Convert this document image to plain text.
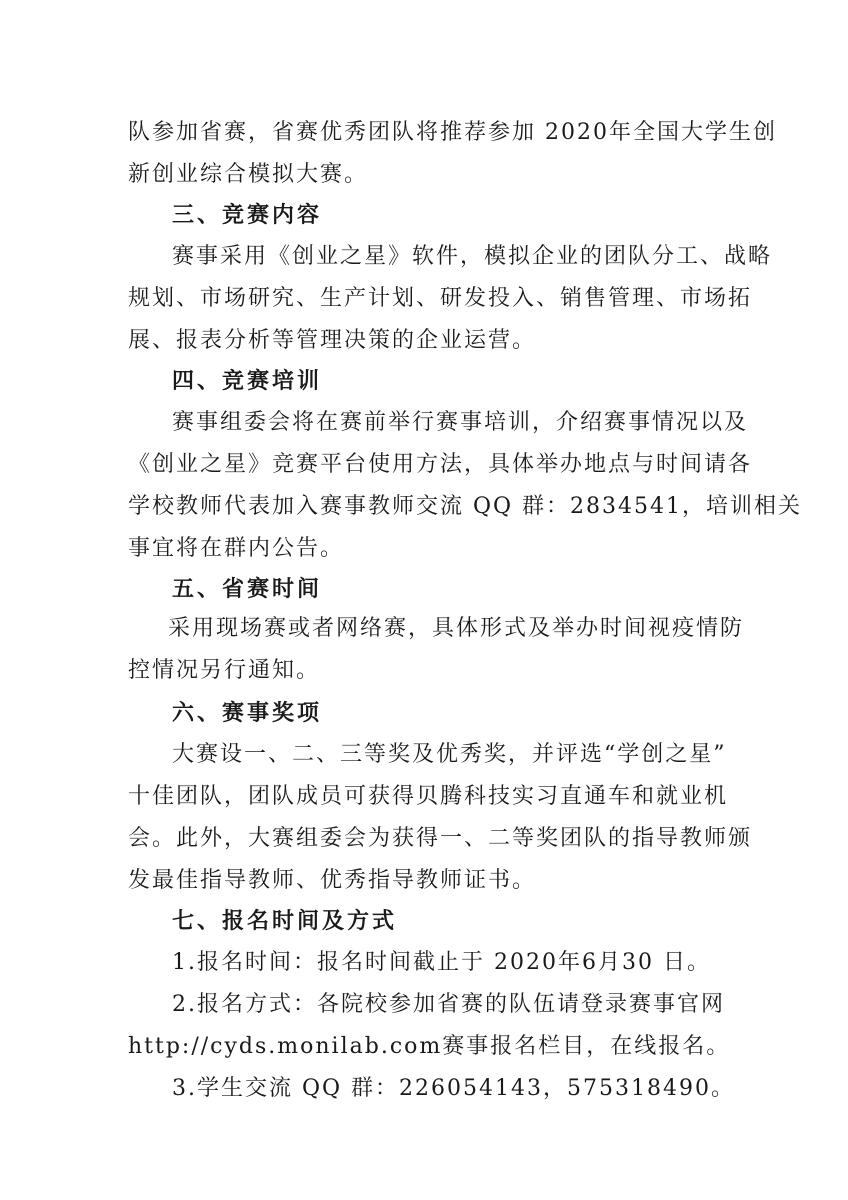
队参加省赛，省赛优秀团队将推荐参加 2020年全国大学生创
新创业综合模拟大赛。
三、竞赛内容
赛事采用《创业之星》软件，模拟企业的团队分工、战略
规划、市场研究、生产计划、研发投入、销售管理、市场拓
展、报表分析等管理决策的企业运营。
四、竞赛培训
赛事组委会将在赛前举行赛事培训，介绍赛事情况以及
《创业之星》竞赛平台使用方法，具体举办地点与时间请各
学校教师代表加入赛事教师交流 QQ 群：2834541，培训相关
事宜将在群内公告。
五、省赛时间
采用现场赛或者网络赛，具体形式及举办时间视疫情防
控情况另行通知。
六、赛事奖项
大赛设一、二、三等奖及优秀奖，并评选“学创之星”
十佳团队，团队成员可获得贝腾科技实习直通车和就业机
会。此外，大赛组委会为获得一、二等奖团队的指导教师颁
发最佳指导教师、优秀指导教师证书。
七、报名时间及方式
1.报名时间：报名时间截止于 2020年6月30 日。
2.报名方式：各院校参加省赛的队伍请登录赛事官网
http://cyds.monilab.com赛事报名栏目，在线报名。
3.学生交流 QQ 群：226054143，575318490。
